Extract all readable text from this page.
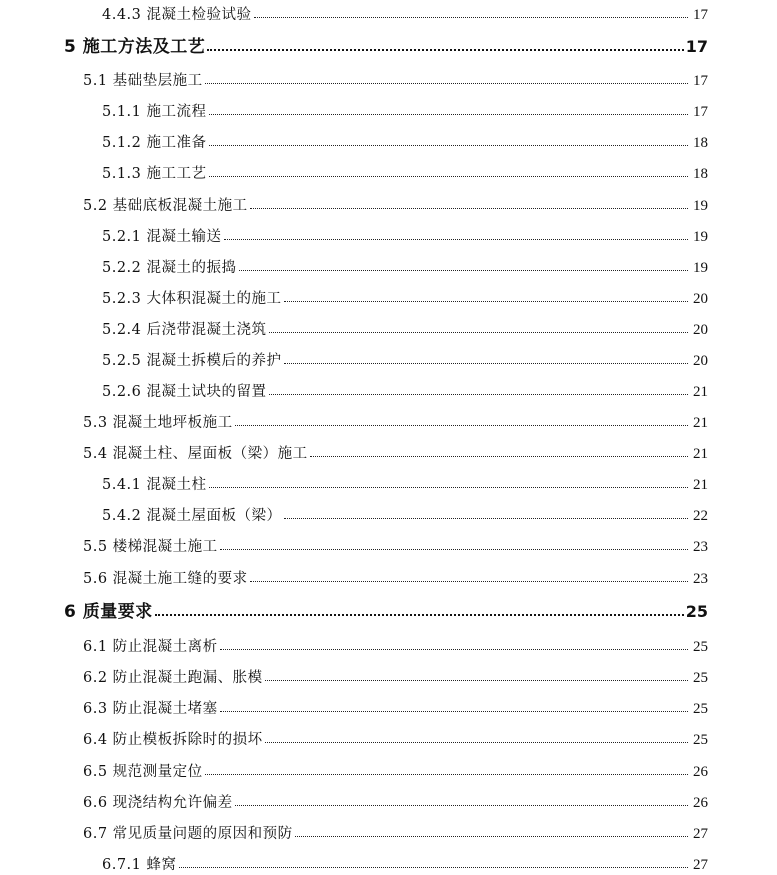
4.4.3 混凝土检验试验	17
5 施工方法及工艺	17
5.1 基础垫层施工	17
5.1.1 施工流程	17
5.1.2 施工准备	18
5.1.3 施工工艺	18
5.2 基础底板混凝土施工	19
5.2.1 混凝土输送	19
5.2.2 混凝土的振捣	19
5.2.3 大体积混凝土的施工	20
5.2.4 后浇带混凝土浇筑	20
5.2.5 混凝土拆模后的养护	20
5.2.6 混凝土试块的留置	21
5.3 混凝土地坪板施工	21
5.4 混凝土柱、屋面板（梁）施工	21
5.4.1 混凝土柱	21
5.4.2 混凝土屋面板（梁）	22
5.5 楼梯混凝土施工	23
5.6 混凝土施工缝的要求	23
6 质量要求	25
6.1 防止混凝土离析	25
6.2 防止混凝土跑漏、胀模	25
6.3 防止混凝土堵塞	25
6.4 防止模板拆除时的损坏	25
6.5 规范测量定位	26
6.6 现浇结构允许偏差	26
6.7 常见质量问题的原因和预防	27
6.7.1 蜂窝	27
